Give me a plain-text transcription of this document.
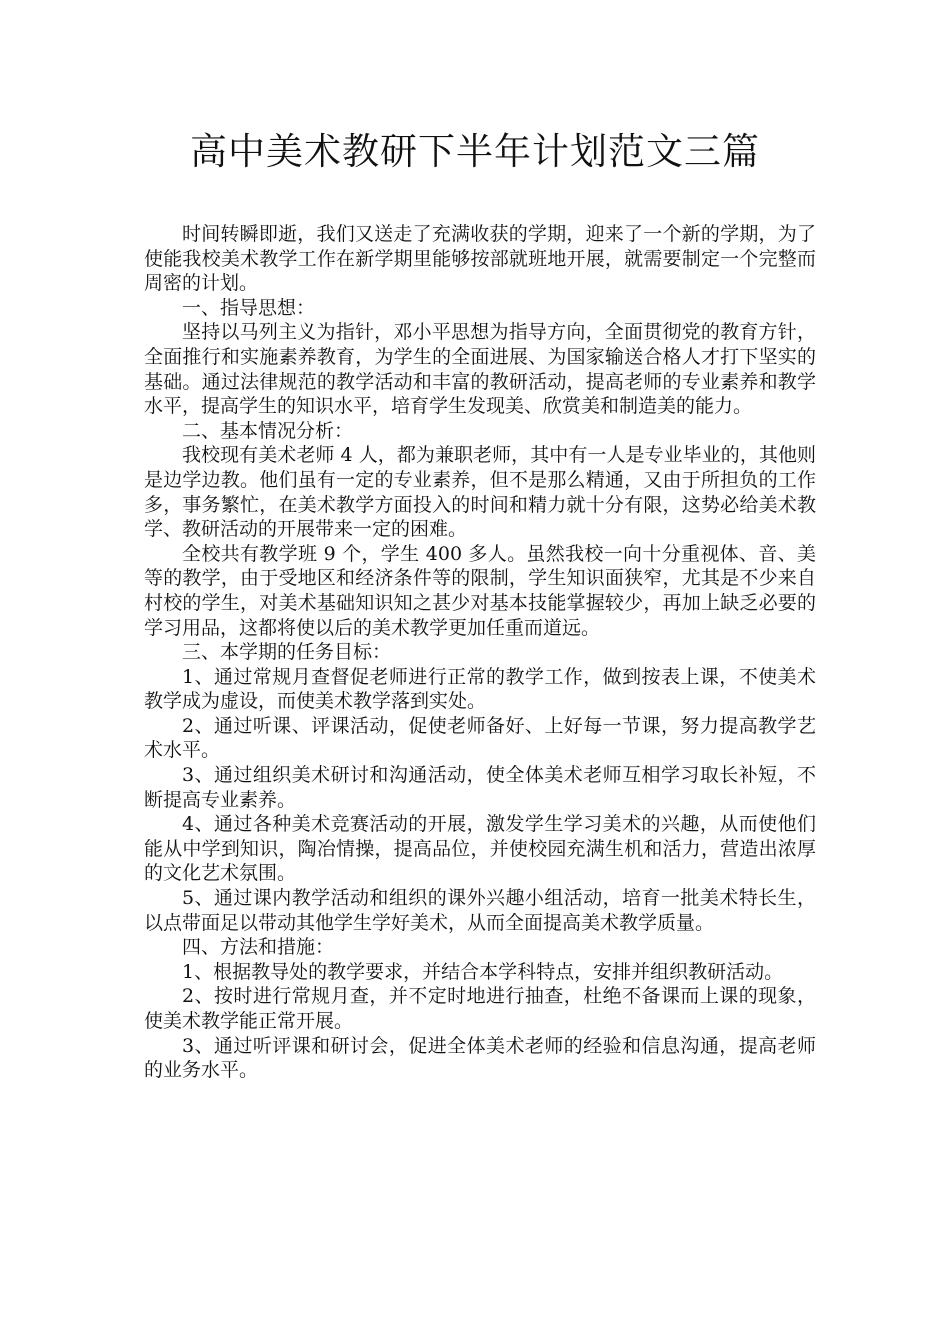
高中美术教研下半年计划范文三篇

时间转瞬即逝，我们又送走了充满收获的学期，迎来了一个新的学期，为了使能我校美术教学工作在新学期里能够按部就班地开展，就需要制定一个完整而周密的计划。

一、指导思想：

坚持以马列主义为指针，邓小平思想为指导方向，全面贯彻党的教育方针，全面推行和实施素养教育，为学生的全面进展、为国家输送合格人才打下坚实的基础。通过法律规范的教学活动和丰富的教研活动，提高老师的专业素养和教学水平，提高学生的知识水平，培育学生发现美、欣赏美和制造美的能力。

二、基本情况分析：

我校现有美术老师 4 人，都为兼职老师，其中有一人是专业毕业的，其他则是边学边教。他们虽有一定的专业素养，但不是那么精通，又由于所担负的工作多，事务繁忙，在美术教学方面投入的时间和精力就十分有限，这势必给美术教学、教研活动的开展带来一定的困难。

全校共有教学班 9 个，学生 400 多人。虽然我校一向十分重视体、音、美等的教学，由于受地区和经济条件等的限制，学生知识面狭窄，尤其是不少来自村校的学生，对美术基础知识知之甚少对基本技能掌握较少，再加上缺乏必要的学习用品，这都将使以后的美术教学更加任重而道远。

三、本学期的任务目标：

1、通过常规月查督促老师进行正常的教学工作，做到按表上课，不使美术教学成为虚设，而使美术教学落到实处。

2、通过听课、评课活动，促使老师备好、上好每一节课，努力提高教学艺术水平。

3、通过组织美术研讨和沟通活动，使全体美术老师互相学习取长补短，不断提高专业素养。

4、通过各种美术竞赛活动的开展，激发学生学习美术的兴趣，从而使他们能从中学到知识，陶冶情操，提高品位，并使校园充满生机和活力，营造出浓厚的文化艺术氛围。

5、通过课内教学活动和组织的课外兴趣小组活动，培育一批美术特长生，以点带面足以带动其他学生学好美术，从而全面提高美术教学质量。

四、方法和措施：

1、根据教导处的教学要求，并结合本学科特点，安排并组织教研活动。

2、按时进行常规月查，并不定时地进行抽查，杜绝不备课而上课的现象，使美术教学能正常开展。

3、通过听评课和研讨会，促进全体美术老师的经验和信息沟通，提高老师的业务水平。
